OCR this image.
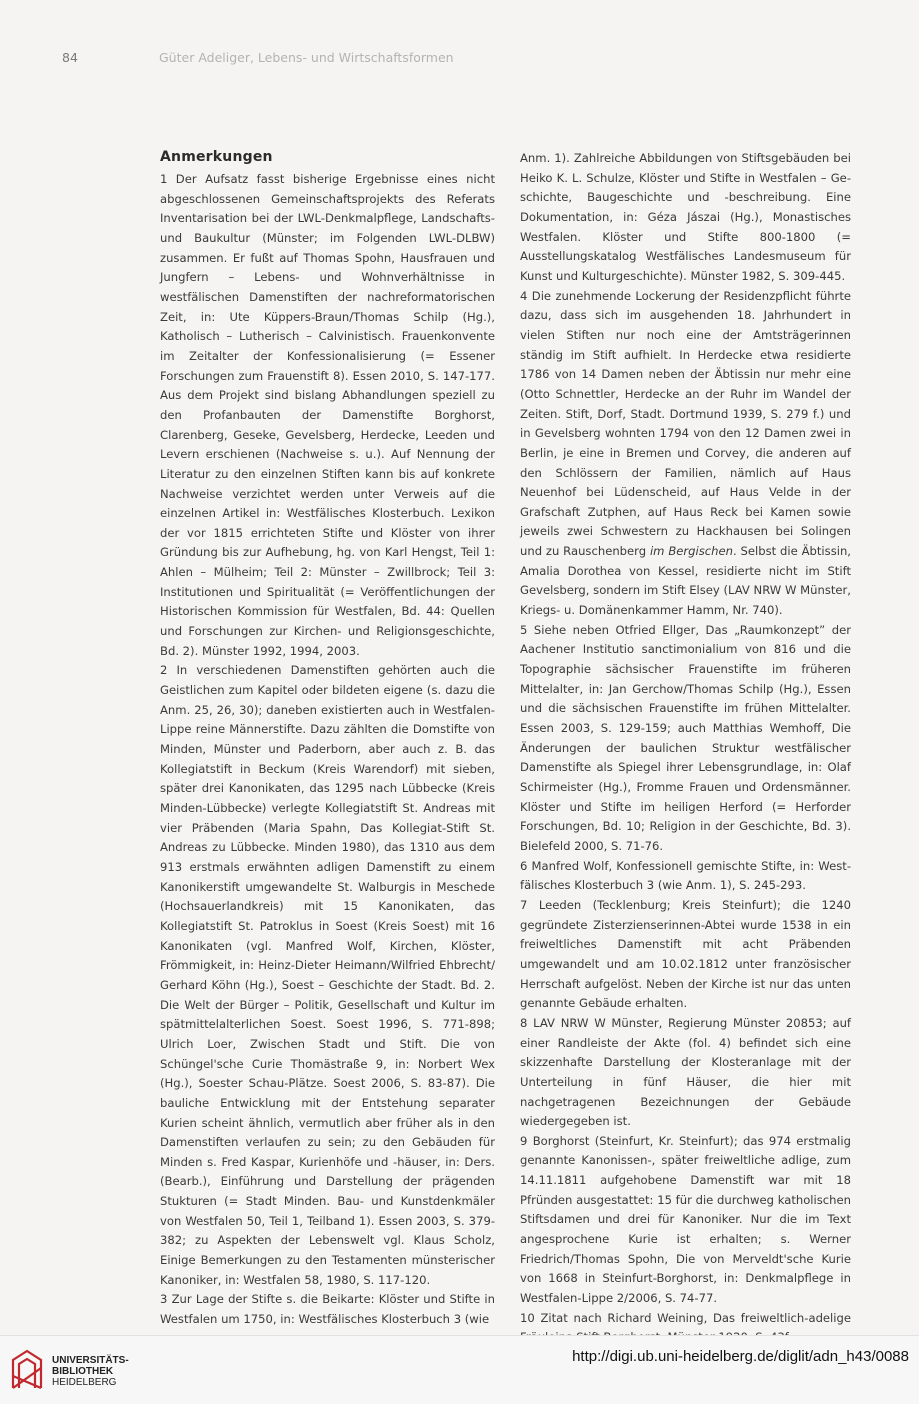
84	Güter Adeliger, Lebens- und Wirtschaftsformen
Anmerkungen

1 Der Aufsatz fasst bisherige Ergebnisse eines nicht abgeschlossenen Gemeinschaftsprojekts des Referats Inventarisation bei der LWL-Denkmalpflege, Landschafts- und Baukultur (Münster; im Folgenden LWL-DLBW) zusammen. Er fußt auf Thomas Spohn, Hausfrauen und Jungfern – Lebens- und Wohnverhältnisse in westfälischen Damenstiften der nachreformatorischen Zeit, in: Ute Küppers-Braun/Thomas Schilp (Hg.), Katholisch – Lutherisch – Calvinistisch. Frauenkonvente im Zeitalter der Konfessionalisierung (= Essener Forschungen zum Frauenstift 8). Essen 2010, S. 147-177. Aus dem Projekt sind bislang Abhandlungen speziell zu den Profanbauten der Damenstifte Borghorst, Clarenberg, Geseke, Gevelsberg, Herdecke, Leeden und Levern erschienen (Nachweise s. u.). Auf Nennung der Literatur zu den einzelnen Stiften kann bis auf konkrete Nachweise verzichtet werden unter Verweis auf die einzelnen Artikel in: Westfälisches Klosterbuch. Lexikon der vor 1815 errichteten Stifte und Klöster von ihrer Gründung bis zur Aufhebung, hg. von Karl Hengst, Teil 1: Ahlen – Mülheim; Teil 2: Münster – Zwillbrock; Teil 3: Institutionen und Spiritualität (= Veröffentlichungen der Historischen Kommission für Westfalen, Bd. 44: Quellen und Forschungen zur Kirchen- und Religionsgeschichte, Bd. 2). Münster 1992, 1994, 2003.

2 In verschiedenen Damenstiften gehörten auch die Geistlichen zum Kapitel oder bildeten eigene (s. dazu die Anm. 25, 26, 30); daneben existierten auch in Westfalen-Lippe reine Männerstifte. Dazu zählten die Domstifte von Minden, Münster und Paderborn, aber auch z. B. das Kollegiatstift in Beckum (Kreis Warendorf) mit sieben, später drei Kanonikaten, das 1295 nach Lübbecke (Kreis Minden-Lübbecke) verlegte Kollegiatstift St. Andreas mit vier Präbenden (Maria Spahn, Das Kollegiat-Stift St. Andreas zu Lübbecke. Minden 1980), das 1310 aus dem 913 erstmals erwähnten adligen Damenstift zu einem Kanonikerstift umgewandelte St. Walburgis in Meschede (Hochsauerlandkreis) mit 15 Kanonikaten, das Kollegiatstift St. Patroklus in Soest (Kreis Soest) mit 16 Kanonikaten (vgl. Manfred Wolf, Kirchen, Klöster, Frömmigkeit, in: Heinz-Dieter Heimann/Wilfried Ehbrecht/ Gerhard Köhn (Hg.), Soest – Geschichte der Stadt. Bd. 2. Die Welt der Bürger – Politik, Gesellschaft und Kultur im spätmittelalterlichen Soest. Soest 1996, S. 771-898; Ulrich Loer, Zwischen Stadt und Stift. Die von Schüngel'sche Curie Thomästraße 9, in: Norbert Wex (Hg.), Soester Schau-Plätze. Soest 2006, S. 83-87). Die bauliche Entwicklung mit der Entstehung separater Kurien scheint ähnlich, vermutlich aber früher als in den Damenstiften verlaufen zu sein; zu den Gebäuden für Minden s. Fred Kaspar, Kurienhöfe und -häuser, in: Ders. (Bearb.), Einführung und Darstellung der prägenden Stukturen (= Stadt Minden. Bau- und Kunstdenkmäler von Westfalen 50, Teil 1, Teilband 1). Essen 2003, S. 379-382; zu Aspekten der Lebenswelt vgl. Klaus Scholz, Einige Bemerkungen zu den Testamenten münsterischer Kanoniker, in: Westfalen 58, 1980, S. 117-120.

3 Zur Lage der Stifte s. die Beikarte: Klöster und Stifte in Westfalen um 1750, in: Westfälisches Klosterbuch 3 (wie

Anm. 1). Zahlreiche Abbildungen von Stiftsgebäuden bei Heiko K. L. Schulze, Klöster und Stifte in Westfalen – Geschichte, Baugeschichte und -beschreibung. Eine Dokumentation, in: Géza Jászai (Hg.), Monastisches Westfalen. Klöster und Stifte 800-1800 (= Ausstellungskatalog Westfälisches Landesmuseum für Kunst und Kulturgeschichte). Münster 1982, S. 309-445.

4 Die zunehmende Lockerung der Residenzpflicht führte dazu, dass sich im ausgehenden 18. Jahrhundert in vielen Stiften nur noch eine der Amtsträgerinnen ständig im Stift aufhielt. In Herdecke etwa residierte 1786 von 14 Damen neben der Äbtissin nur mehr eine (Otto Schnettler, Herdecke an der Ruhr im Wandel der Zeiten. Stift, Dorf, Stadt. Dortmund 1939, S. 279 f.) und in Gevelsberg wohnten 1794 von den 12 Damen zwei in Berlin, je eine in Bremen und Corvey, die anderen auf den Schlössern der Familien, nämlich auf Haus Neuenhof bei Lüdenscheid, auf Haus Velde in der Grafschaft Zutphen, auf Haus Reck bei Kamen sowie jeweils zwei Schwestern zu Hackhausen bei Solingen und zu Rauschenberg im Bergischen. Selbst die Äbtissin, Amalia Dorothea von Kessel, residierte nicht im Stift Gevelsberg, sondern im Stift Elsey (LAV NRW W Münster, Kriegs- u. Domänenkammer Hamm, Nr. 740).

5 Siehe neben Otfried Ellger, Das „Raumkonzept” der Aachener Institutio sanctimonialium von 816 und die Topographie sächsischer Frauenstifte im früheren Mittelalter, in: Jan Gerchow/Thomas Schilp (Hg.), Essen und die sächsischen Frauenstifte im frühen Mittelalter. Essen 2003, S. 129-159; auch Matthias Wemhoff, Die Änderungen der baulichen Struktur westfälischer Damenstifte als Spiegel ihrer Lebensgrundlage, in: Olaf Schirmeister (Hg.), Fromme Frauen und Ordensmänner. Klöster und Stifte im heiligen Herford (= Herforder Forschungen, Bd. 10; Religion in der Geschichte, Bd. 3). Bielefeld 2000, S. 71-76.

6 Manfred Wolf, Konfessionell gemischte Stifte, in: Westfälisches Klosterbuch 3 (wie Anm. 1), S. 245-293.

7 Leeden (Tecklenburg; Kreis Steinfurt); die 1240 gegründete Zisterzienserinnen-Abtei wurde 1538 in ein freiweltliches Damenstift mit acht Präbenden umgewandelt und am 10.02.1812 unter französischer Herrschaft aufgelöst. Neben der Kirche ist nur das unten genannte Gebäude erhalten.

8 LAV NRW W Münster, Regierung Münster 20853; auf einer Randleiste der Akte (fol. 4) befindet sich eine skizzenhafte Darstellung der Klosteranlage mit der Unterteilung in fünf Häuser, die hier mit nachgetragenen Bezeichnungen der Gebäude wiedergegeben ist.

9 Borghorst (Steinfurt, Kr. Steinfurt); das 974 erstmalig genannte Kanonissen-, später freiweltliche adlige, zum 14.11.1811 aufgehobene Damenstift war mit 18 Pfründen ausgestattet: 15 für die durchweg katholischen Stiftsdamen und drei für Kanoniker. Nur die im Text angesprochene Kurie ist erhalten; s. Werner Friedrich/Thomas Spohn, Die von Merveldt'sche Kurie von 1668 in Steinfurt-Borghorst, in: Denkmalpflege in Westfalen-Lippe 2/2006, S. 74-77.

10 Zitat nach Richard Weining, Das freiweltlich-adelige

UNIVERSITÄTS-
BIBLIOTHEK
HEIDELBERG
http://digi.ub.uni-heidelberg.de/diglit/adn_h43/0088
